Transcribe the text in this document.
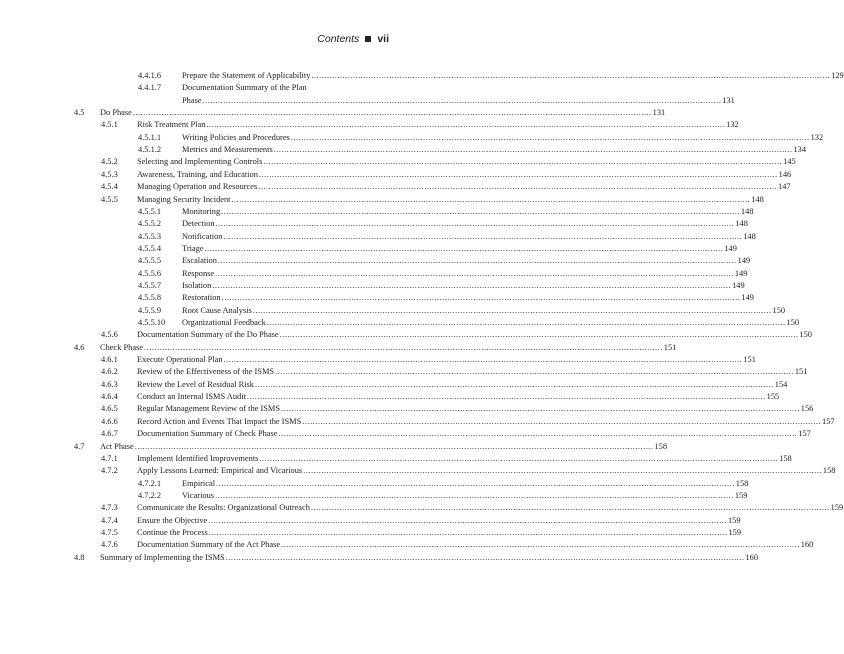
Contents vii
4.4.1.6 Prepare the Statement of Applicability ........................................................................................................................................................................................................ 129
4.4.1.7 Documentation Summary of the Plan
Phase ........................................................................................................................................................................................................ 131
4.5 Do Phase ........................................................................................................................................................................................................ 131
4.5.1 Risk Treatment Plan ........................................................................................................................................................................................................ 132
4.5.1.1 Writing Policies and Procedures ........................................................................................................................................................................................................ 132
4.5.1.2 Metrics and Measurements ........................................................................................................................................................................................................ 134
4.5.2 Selecting and Implementing Controls ........................................................................................................................................................................................................ 145
4.5.3 Awareness, Training, and Education ........................................................................................................................................................................................................ 146
4.5.4 Managing Operation and Resources ........................................................................................................................................................................................................ 147
4.5.5 Managing Security Incident ........................................................................................................................................................................................................ 148
4.5.5.1 Monitoring ........................................................................................................................................................................................................ 148
4.5.5.2 Detection ........................................................................................................................................................................................................ 148
4.5.5.3 Notification ........................................................................................................................................................................................................ 148
4.5.5.4 Triage ........................................................................................................................................................................................................ 149
4.5.5.5 Escalation ........................................................................................................................................................................................................ 149
4.5.5.6 Response ........................................................................................................................................................................................................ 149
4.5.5.7 Isolation ........................................................................................................................................................................................................ 149
4.5.5.8 Restoration ........................................................................................................................................................................................................ 149
4.5.5.9 Root Cause Analysis ........................................................................................................................................................................................................ 150
4.5.5.10 Organizational Feedback ........................................................................................................................................................................................................ 150
4.5.6 Documentation Summary of the Do Phase ........................................................................................................................................................................................................ 150
4.6 Check Phase ........................................................................................................................................................................................................ 151
4.6.1 Execute Operational Plan ........................................................................................................................................................................................................ 151
4.6.2 Review of the Effectiveness of the ISMS ........................................................................................................................................................................................................ 151
4.6.3 Review the Level of Residual Risk ........................................................................................................................................................................................................ 154
4.6.4 Conduct an Internal ISMS Audit ........................................................................................................................................................................................................ 155
4.6.5 Regular Management Review of the ISMS ........................................................................................................................................................................................................ 156
4.6.6 Record Action and Events That Impact the ISMS ........................................................................................................................................................................................................ 157
4.6.7 Documentation Summary of Check Phase ........................................................................................................................................................................................................ 157
4.7 Act Phase ........................................................................................................................................................................................................ 158
4.7.1 Implement Identified Improvements ........................................................................................................................................................................................................ 158
4.7.2 Apply Lessons Learned: Empirical and Vicarious ........................................................................................................................................................................................................ 158
4.7.2.1 Empirical ........................................................................................................................................................................................................ 158
4.7.2.2 Vicarious ........................................................................................................................................................................................................ 159
4.7.3 Communicate the Results: Organizational Outreach ........................................................................................................................................................................................................ 159
4.7.4 Ensure the Objective ........................................................................................................................................................................................................ 159
4.7.5 Continue the Process ........................................................................................................................................................................................................ 159
4.7.6 Documentation Summary of the Act Phase ........................................................................................................................................................................................................ 160
4.8 Summary of Implementing the ISMS ........................................................................................................................................................................................................ 160
